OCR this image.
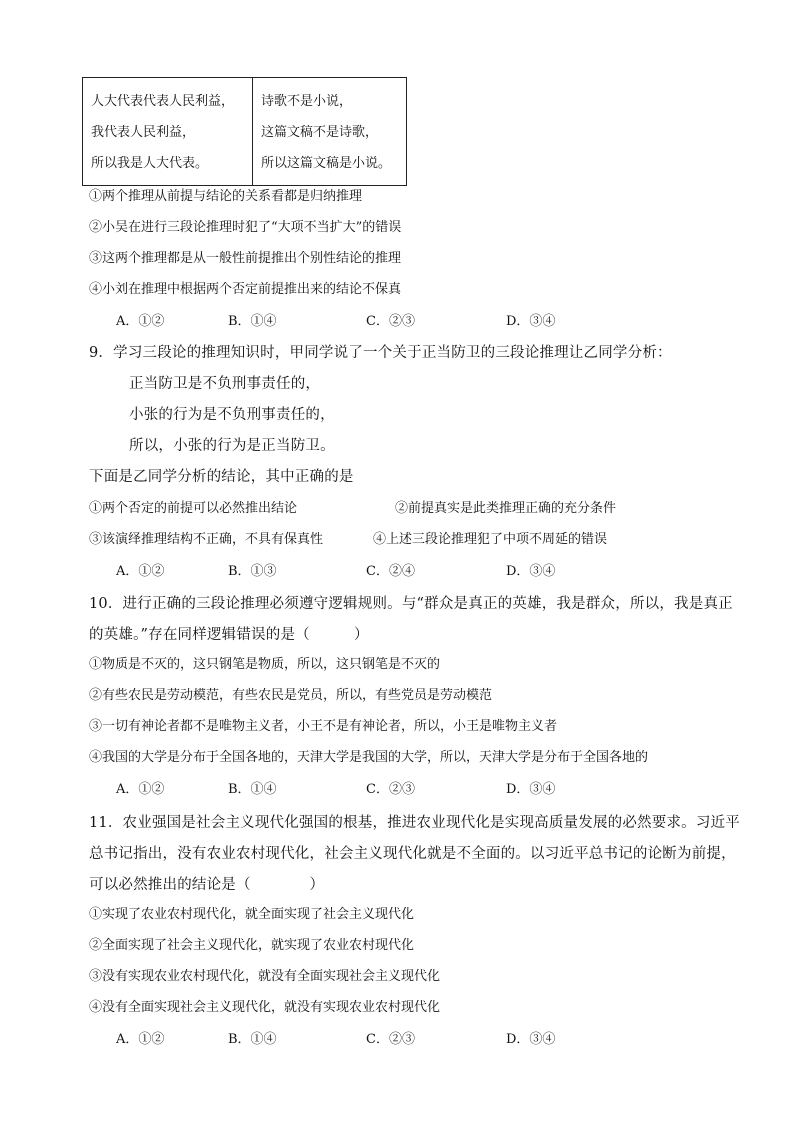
人大代表代表人民利益，
我代表人民利益，
所以我是人大代表。

诗歌不是小说，
这篇文稿不是诗歌，
所以这篇文稿是小说。
①两个推理从前提与结论的关系看都是归纳推理
②小吴在进行三段论推理时犯了“大项不当扩大”的错误
③这两个推理都是从一般性前提推出个别性结论的推理
④小刘在推理中根据两个否定前提推出来的结论不保真
A．①②	B．①④	C．②③	D．③④
9．学习三段论的推理知识时，甲同学说了一个关于正当防卫的三段论推理让乙同学分析：
正当防卫是不负刑事责任的，
小张的行为是不负刑事责任的，
所以，小张的行为是正当防卫。
下面是乙同学分析的结论，其中正确的是
①两个否定的前提可以必然推出结论	②前提真实是此类推理正确的充分条件
③该演绎推理结构不正确，不具有保真性	④上述三段论推理犯了中项不周延的错误
A．①②	B．①③	C．②④	D．③④
10．进行正确的三段论推理必须遵守逻辑规则。与“群众是真正的英雄，我是群众，所以，我是真正
的英雄。”存在同样逻辑错误的是（　　　）
①物质是不灭的，这只钢笔是物质，所以，这只钢笔是不灭的
②有些农民是劳动模范，有些农民是党员，所以，有些党员是劳动模范
③一切有神论者都不是唯物主义者，小王不是有神论者，所以，小王是唯物主义者
④我国的大学是分布于全国各地的，天津大学是我国的大学，所以，天津大学是分布于全国各地的
A．①②	B．①④	C．②③	D．③④
11．农业强国是社会主义现代化强国的根基，推进农业现代化是实现高质量发展的必然要求。习近平
总书记指出，没有农业农村现代化，社会主义现代化就是不全面的。以习近平总书记的论断为前提，
可以必然推出的结论是（　　　　）
①实现了农业农村现代化，就全面实现了社会主义现代化
②全面实现了社会主义现代化，就实现了农业农村现代化
③没有实现农业农村现代化，就没有全面实现社会主义现代化
④没有全面实现社会主义现代化，就没有实现农业农村现代化
A．①②	B．①④	C．②③	D．③④
